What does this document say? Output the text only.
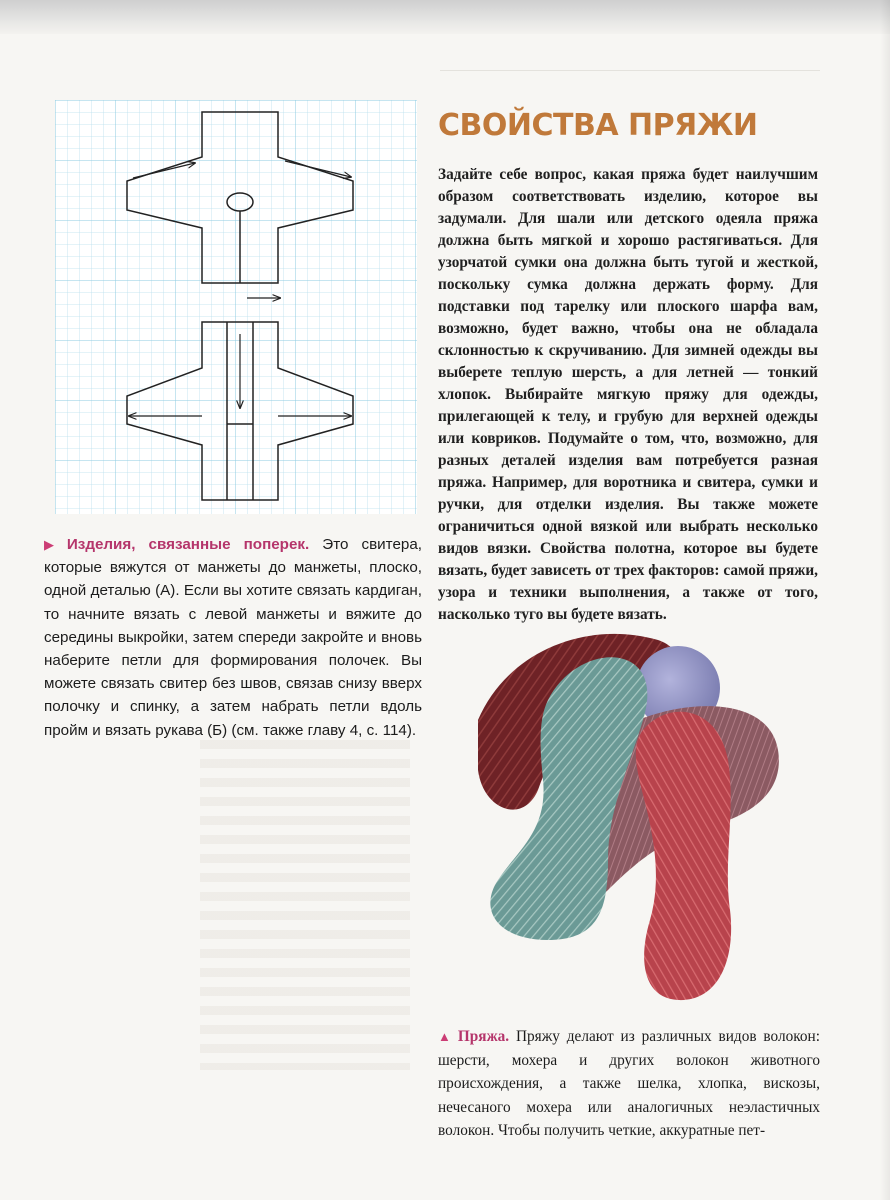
▶ Изделия, связанные поперек. Это свитера, которые вяжутся от манжеты до манжеты, плоско, одной деталью (А). Если вы хотите связать кардиган, то начните вязать с левой манжеты и вяжите до середины выкройки, затем спереди закройте и вновь наберите петли для формирования полочек. Вы можете связать свитер без швов, связав снизу вверх полочку и спинку, а затем набрать петли вдоль пройм и вязать рукава (Б) (см. также главу 4, с. 114).
СВОЙСТВА ПРЯЖИ
Задайте себе вопрос, какая пряжа будет наилучшим образом соответствовать изделию, которое вы задумали. Для шали или детского одеяла пряжа должна быть мягкой и хорошо растягиваться. Для узорчатой сумки она должна быть тугой и жесткой, поскольку сумка должна держать форму. Для подставки под тарелку или плоского шарфа вам, возможно, будет важно, чтобы она не обладала склонностью к скручиванию. Для зимней одежды вы выберете теплую шерсть, а для летней — тонкий хлопок. Выбирайте мягкую пряжу для одежды, прилегающей к телу, и грубую для верхней одежды или ковриков. Подумайте о том, что, возможно, для разных деталей изделия вам потребуется разная пряжа. Например, для воротника и свитера, сумки и ручки, для отделки изделия. Вы также можете ограничиться одной вязкой или выбрать несколько видов вязки. Свойства полотна, которое вы будете вязать, будет зависеть от трех факторов: самой пряжи, узора и техники выполнения, а также от того, насколько туго вы будете вязать.
▲ Пряжа. Пряжу делают из различных видов волокон: шерсти, мохера и других волокон животного происхождения, а также шелка, хлопка, вискозы, нечесаного мохера или аналогичных неэластичных волокон. Чтобы получить четкие, аккуратные пет-
